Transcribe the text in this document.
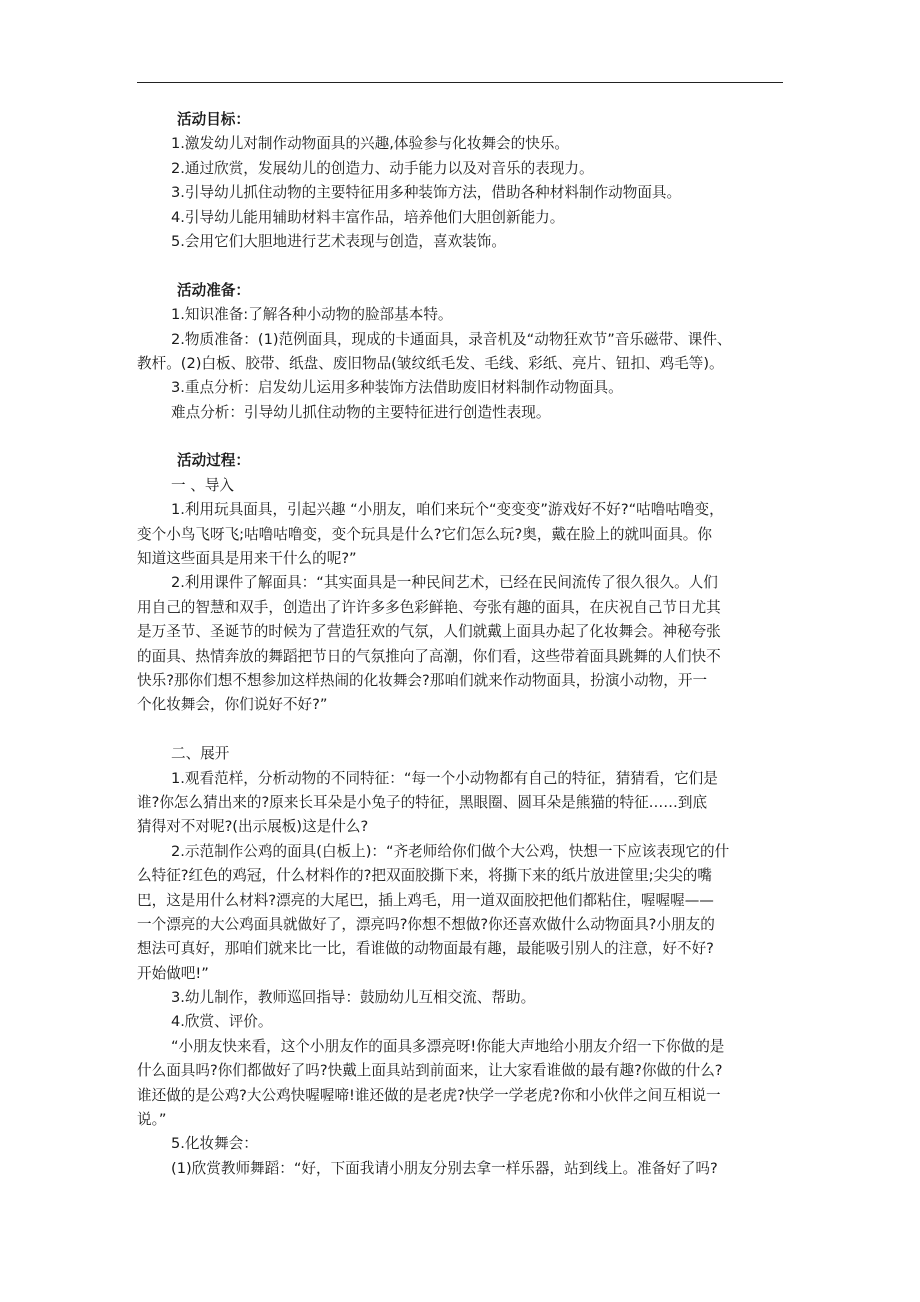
活动目标：
1.激发幼儿对制作动物面具的兴趣,体验参与化妆舞会的快乐。
2.通过欣赏，发展幼儿的创造力、动手能力以及对音乐的表现力。
3.引导幼儿抓住动物的主要特征用多种装饰方法，借助各种材料制作动物面具。
4.引导幼儿能用辅助材料丰富作品，培养他们大胆创新能力。
5.会用它们大胆地进行艺术表现与创造，喜欢装饰。
活动准备：
1.知识准备:了解各种小动物的脸部基本特。
2.物质准备：(1)范例面具，现成的卡通面具，录音机及“动物狂欢节”音乐磁带、课件、
教杆。(2)白板、胶带、纸盘、废旧物品(皱纹纸毛发、毛线、彩纸、亮片、钮扣、鸡毛等)。
3.重点分析：启发幼儿运用多种装饰方法借助废旧材料制作动物面具。
难点分析：引导幼儿抓住动物的主要特征进行创造性表现。
活动过程：
一 、导入
1.利用玩具面具，引起兴趣 “小朋友，咱们来玩个“变变变”游戏好不好?“咕噜咕噜变，
变个小鸟飞呀飞;咕噜咕噜变，变个玩具是什么?它们怎么玩?奥，戴在脸上的就叫面具。你
知道这些面具是用来干什么的呢?”
2.利用课件了解面具：“其实面具是一种民间艺术，已经在民间流传了很久很久。人们
用自己的智慧和双手，创造出了许许多多色彩鲜艳、夸张有趣的面具，在庆祝自己节日尤其
是万圣节、圣诞节的时候为了营造狂欢的气氛，人们就戴上面具办起了化妆舞会。神秘夸张
的面具、热情奔放的舞蹈把节日的气氛推向了高潮，你们看，这些带着面具跳舞的人们快不
快乐?那你们想不想参加这样热闹的化妆舞会?那咱们就来作动物面具，扮演小动物，开一
个化妆舞会，你们说好不好?”
二、展开
1.观看范样，分析动物的不同特征：“每一个小动物都有自己的特征，猜猜看，它们是
谁?你怎么猜出来的?原来长耳朵是小兔子的特征，黑眼圈、圆耳朵是熊猫的特征……到底
猜得对不对呢?(出示展板)这是什么?
2.示范制作公鸡的面具(白板上)：“齐老师给你们做个大公鸡，快想一下应该表现它的什
么特征?红色的鸡冠，什么材料作的?把双面胶撕下来，将撕下来的纸片放进筐里;尖尖的嘴
巴，这是用什么材料?漂亮的大尾巴，插上鸡毛，用一道双面胶把他们都粘住，喔喔喔——
一个漂亮的大公鸡面具就做好了，漂亮吗?你想不想做?你还喜欢做什么动物面具?小朋友的
想法可真好，那咱们就来比一比，看谁做的动物面最有趣，最能吸引别人的注意，好不好?
开始做吧!”
3.幼儿制作，教师巡回指导：鼓励幼儿互相交流、帮助。
4.欣赏、评价。
“小朋友快来看，这个小朋友作的面具多漂亮呀!你能大声地给小朋友介绍一下你做的是
什么面具吗?你们都做好了吗?快戴上面具站到前面来，让大家看谁做的最有趣?你做的什么?
谁还做的是公鸡?大公鸡快喔喔啼!谁还做的是老虎?快学一学老虎?你和小伙伴之间互相说一
说。”
5.化妆舞会：
(1)欣赏教师舞蹈：“好，下面我请小朋友分别去拿一样乐器，站到线上。准备好了吗?
